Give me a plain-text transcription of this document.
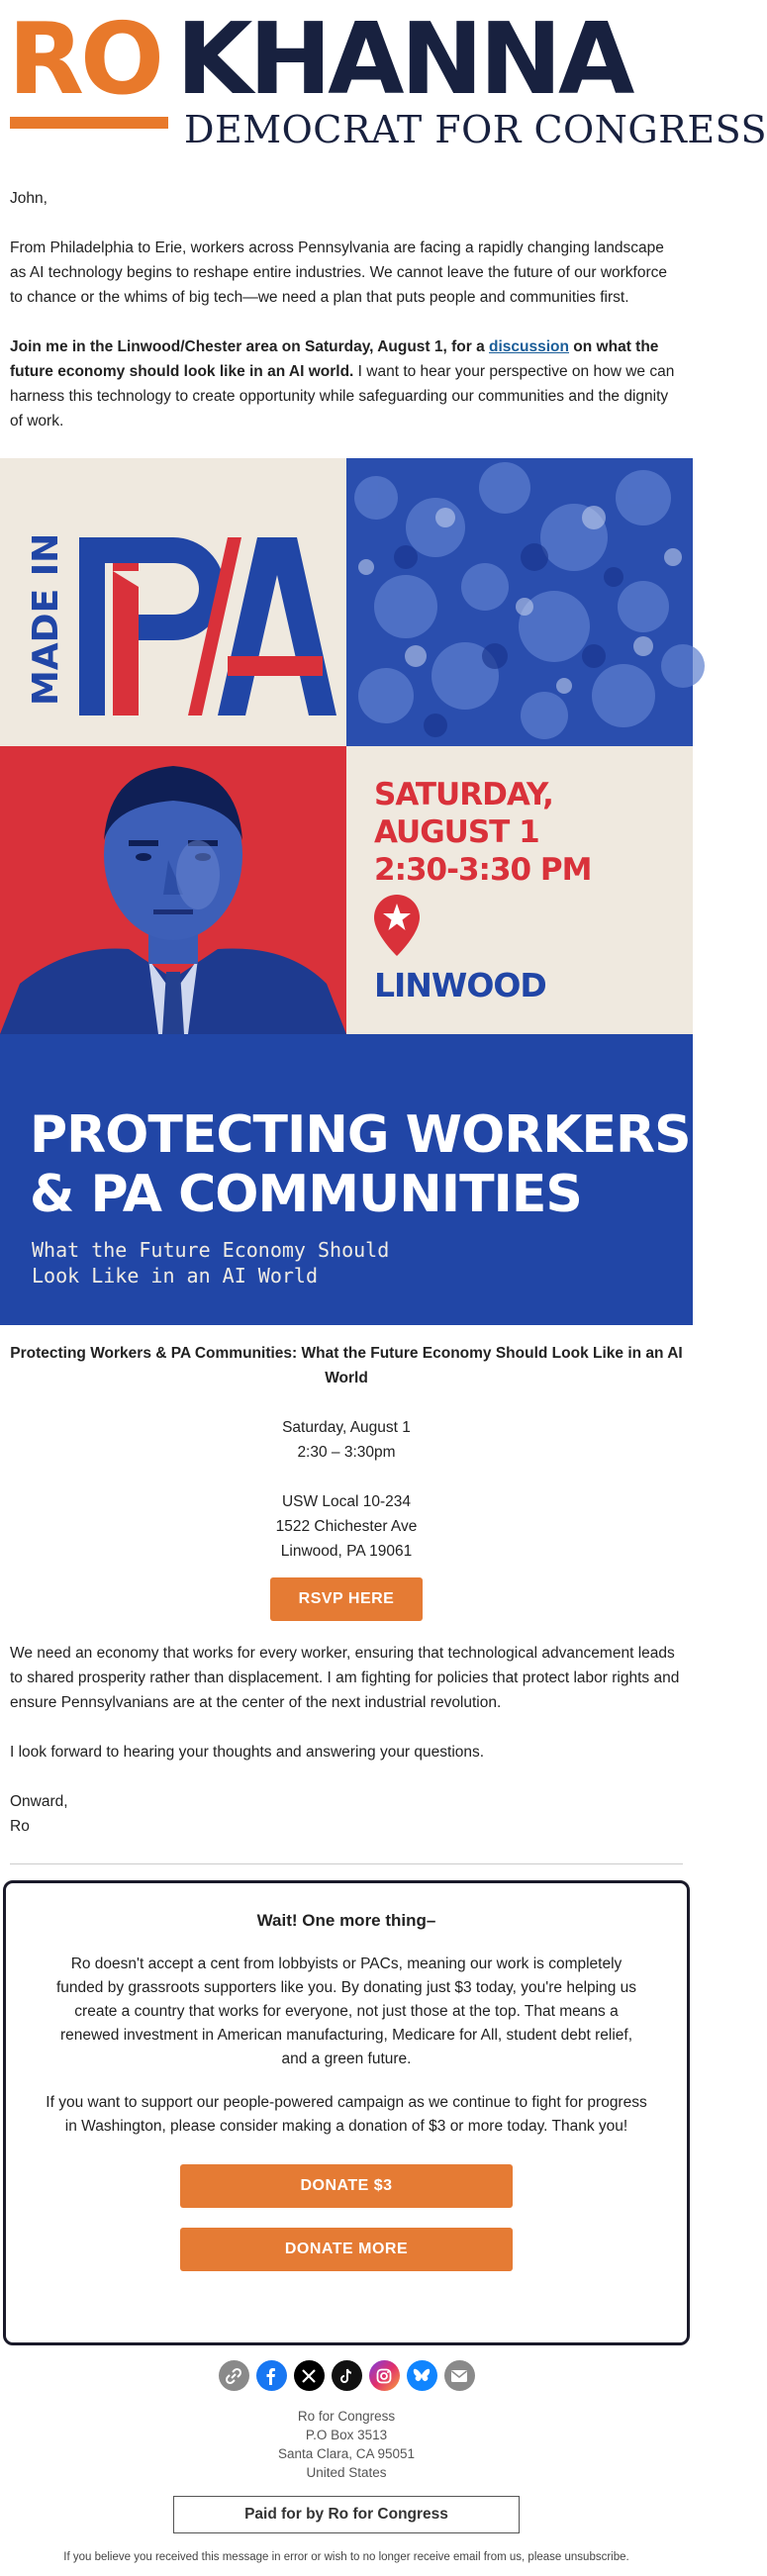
RO KHANNA
DEMOCRAT FOR CONGRESS

John,

From Philadelphia to Erie, workers across Pennsylvania are facing a rapidly changing landscape as AI technology begins to reshape entire industries. We cannot leave the future of our workforce to chance or the whims of big tech—we need a plan that puts people and communities first.

Join me in the Linwood/Chester area on Saturday, August 1, for a discussion on what the future economy should look like in an AI world. I want to hear your perspective on how we can harness this technology to create opportunity while safeguarding our communities and the dignity of work.

MADE IN
SATURDAY,
AUGUST 1
2:30-3:30 PM
LINWOOD
PROTECTING WORKERS
& PA COMMUNITIES
What the Future Economy Should
Look Like in an AI World
Protecting Workers & PA Communities: What the Future Economy Should Look Like in an AI World
Saturday, August 1
2:30 – 3:30pm
USW Local 10-234
1522 Chichester Ave
Linwood, PA 19061
RSVP HERE

We need an economy that works for every worker, ensuring that technological advancement leads to shared prosperity rather than displacement. I am fighting for policies that protect labor rights and ensure Pennsylvanians are at the center of the next industrial revolution.

I look forward to hearing your thoughts and answering your questions.

Onward,
Ro

Wait! One more thing–

Ro doesn't accept a cent from lobbyists or PACs, meaning our work is completely funded by grassroots supporters like you. By donating just $3 today, you're helping us create a country that works for everyone, not just those at the top. That means a renewed investment in American manufacturing, Medicare for All, student debt relief, and a green future.

If you want to support our people-powered campaign as we continue to fight for progress in Washington, please consider making a donation of $3 or more today. Thank you!

DONATE $3
DONATE MORE
Ro for Congress
P.O Box 3513
Santa Clara, CA 95051
United States
Paid for by Ro for Congress
If you believe you received this message in error or wish to no longer receive email from us, please unsubscribe.
